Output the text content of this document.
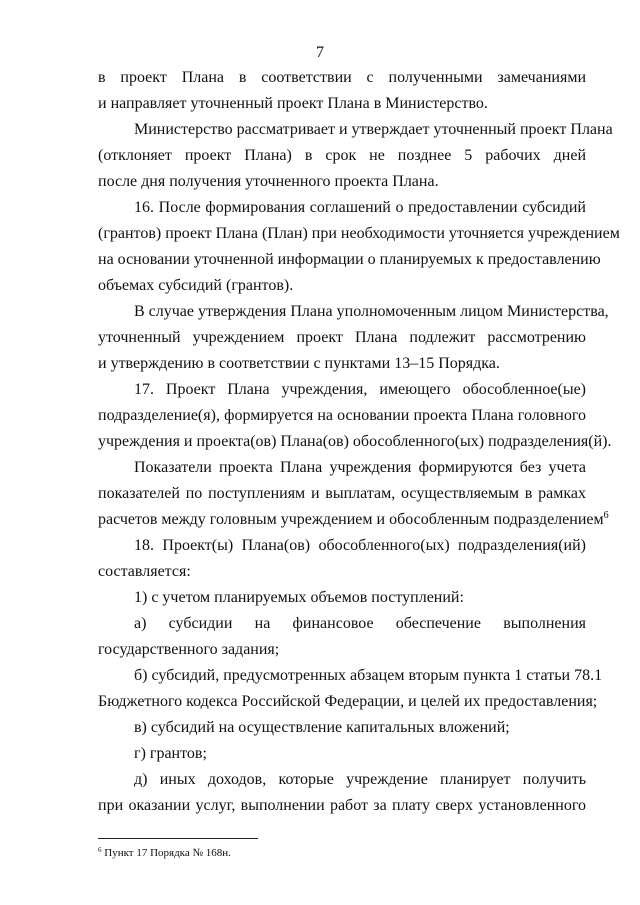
7
в проект Плана в соответствии с полученными замечаниями
и направляет уточненный проект Плана в Министерство.
Министерство рассматривает и утверждает уточненный проект Плана
(отклоняет проект Плана) в срок не позднее 5 рабочих дней
после дня получения уточненного проекта Плана.
16. После формирования соглашений о предоставлении субсидий
(грантов) проект Плана (План) при необходимости уточняется учреждением
на основании уточненной информации о планируемых к предоставлению
объемах субсидий (грантов).
В случае утверждения Плана уполномоченным лицом Министерства,
уточненный учреждением проект Плана подлежит рассмотрению
и утверждению в соответствии с пунктами 13–15 Порядка.
17. Проект Плана учреждения, имеющего обособленное(ые)
подразделение(я), формируется на основании проекта Плана головного
учреждения и проекта(ов) Плана(ов) обособленного(ых) подразделения(й).
Показатели проекта Плана учреждения формируются без учета
показателей по поступлениям и выплатам, осуществляемым в рамках
расчетов между головным учреждением и обособленным подразделением$^6$
18. Проект(ы) Плана(ов) обособленного(ых) подразделения(ий)
составляется:
1) с учетом планируемых объемов поступлений:
а) субсидии на финансовое обеспечение выполнения
государственного задания;
б) субсидий, предусмотренных абзацем вторым пункта 1 статьи 78.1
Бюджетного кодекса Российской Федерации, и целей их предоставления;
в) субсидий на осуществление капитальных вложений;
г) грантов;
д) иных доходов, которые учреждение планирует получить
при оказании услуг, выполнении работ за плату сверх установленного
$^6$ Пункт 17 Порядка № 168н.
